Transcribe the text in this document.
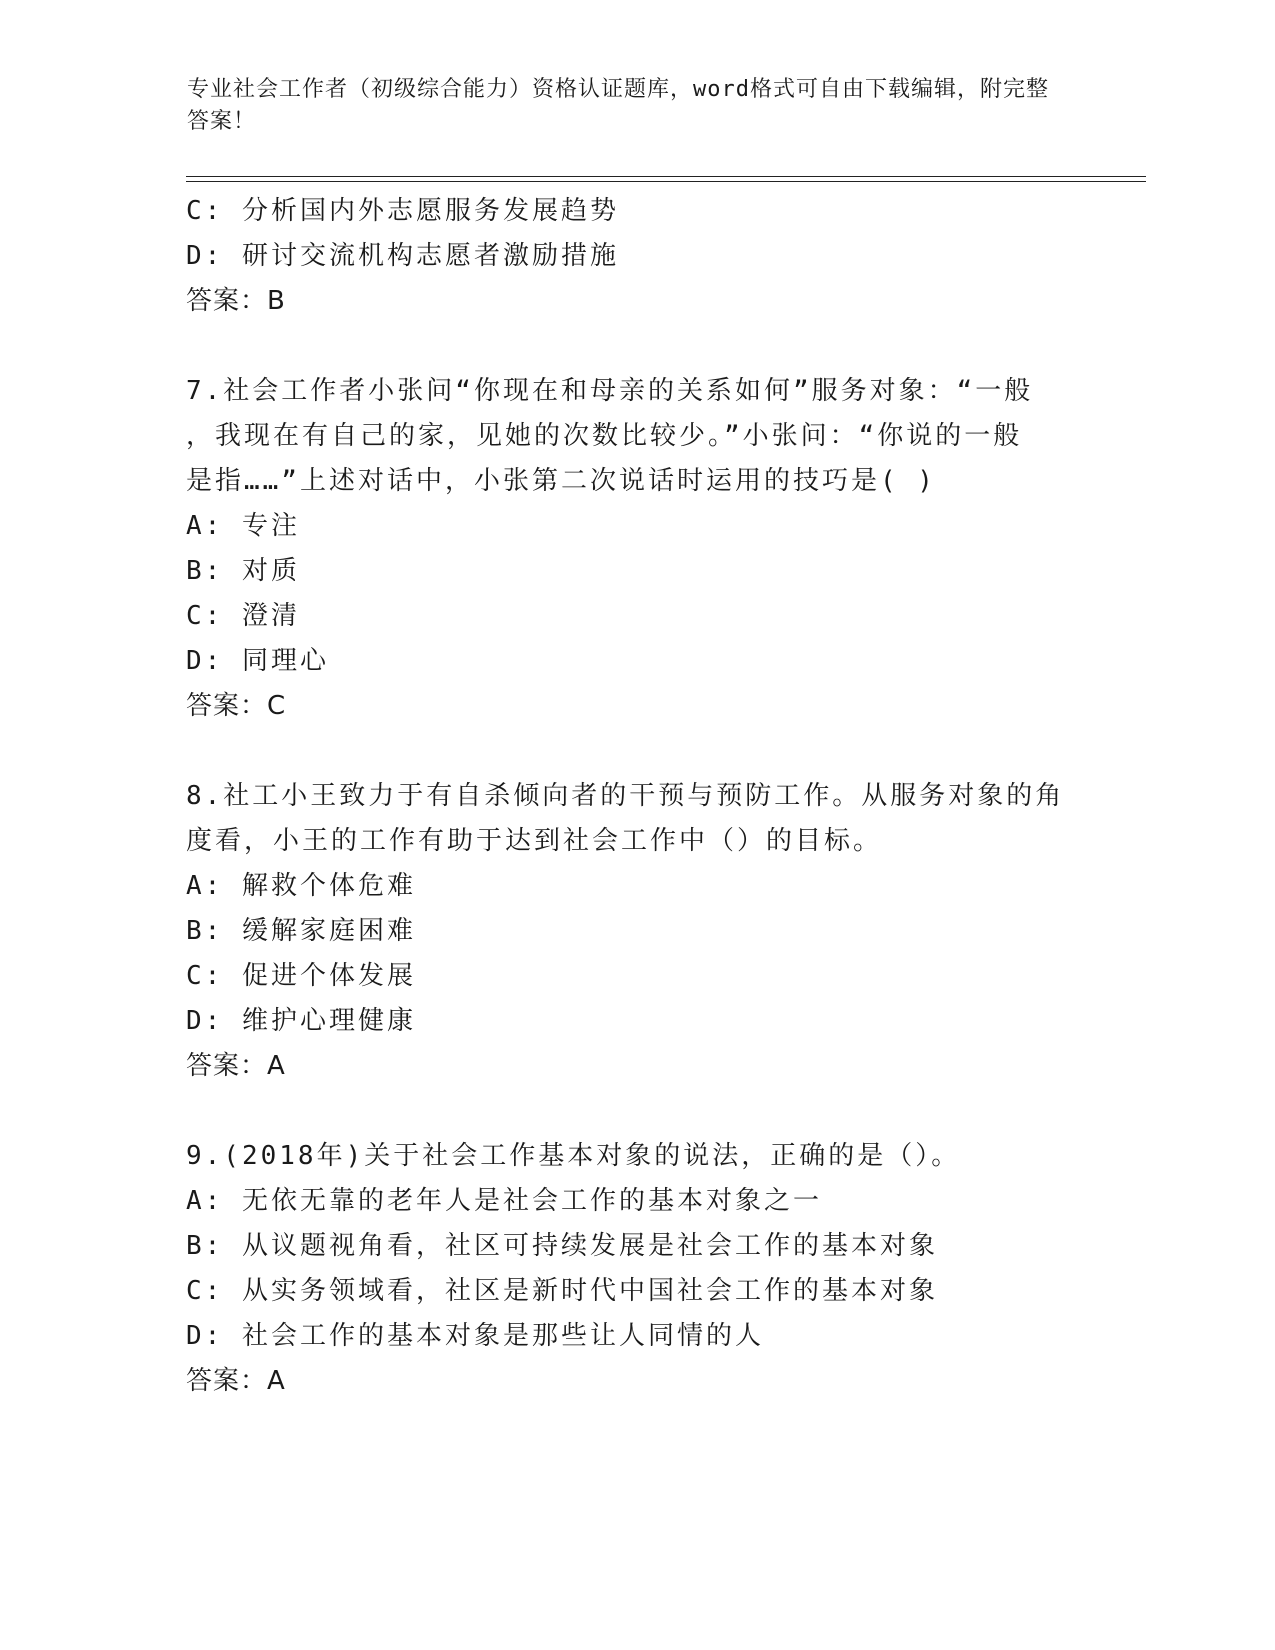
专业社会工作者（初级综合能力）资格认证题库，word格式可自由下载编辑，附完整答案！
C: 分析国内外志愿服务发展趋势
D: 研讨交流机构志愿者激励措施
答案：B
7.社会工作者小张问“你现在和母亲的关系如何”服务对象：“一般
，我现在有自己的家，见她的次数比较少。”小张问：“你说的一般
是指……”上述对话中，小张第二次说话时运用的技巧是( )
A: 专注
B: 对质
C: 澄清
D: 同理心
答案：C
8.社工小王致力于有自杀倾向者的干预与预防工作。从服务对象的角
度看，小王的工作有助于达到社会工作中（）的目标。
A: 解救个体危难
B: 缓解家庭困难
C: 促进个体发展
D: 维护心理健康
答案：A
9.(2018年)关于社会工作基本对象的说法，正确的是（）。
A: 无依无靠的老年人是社会工作的基本对象之一
B: 从议题视角看，社区可持续发展是社会工作的基本对象
C: 从实务领域看，社区是新时代中国社会工作的基本对象
D: 社会工作的基本对象是那些让人同情的人
答案：A
